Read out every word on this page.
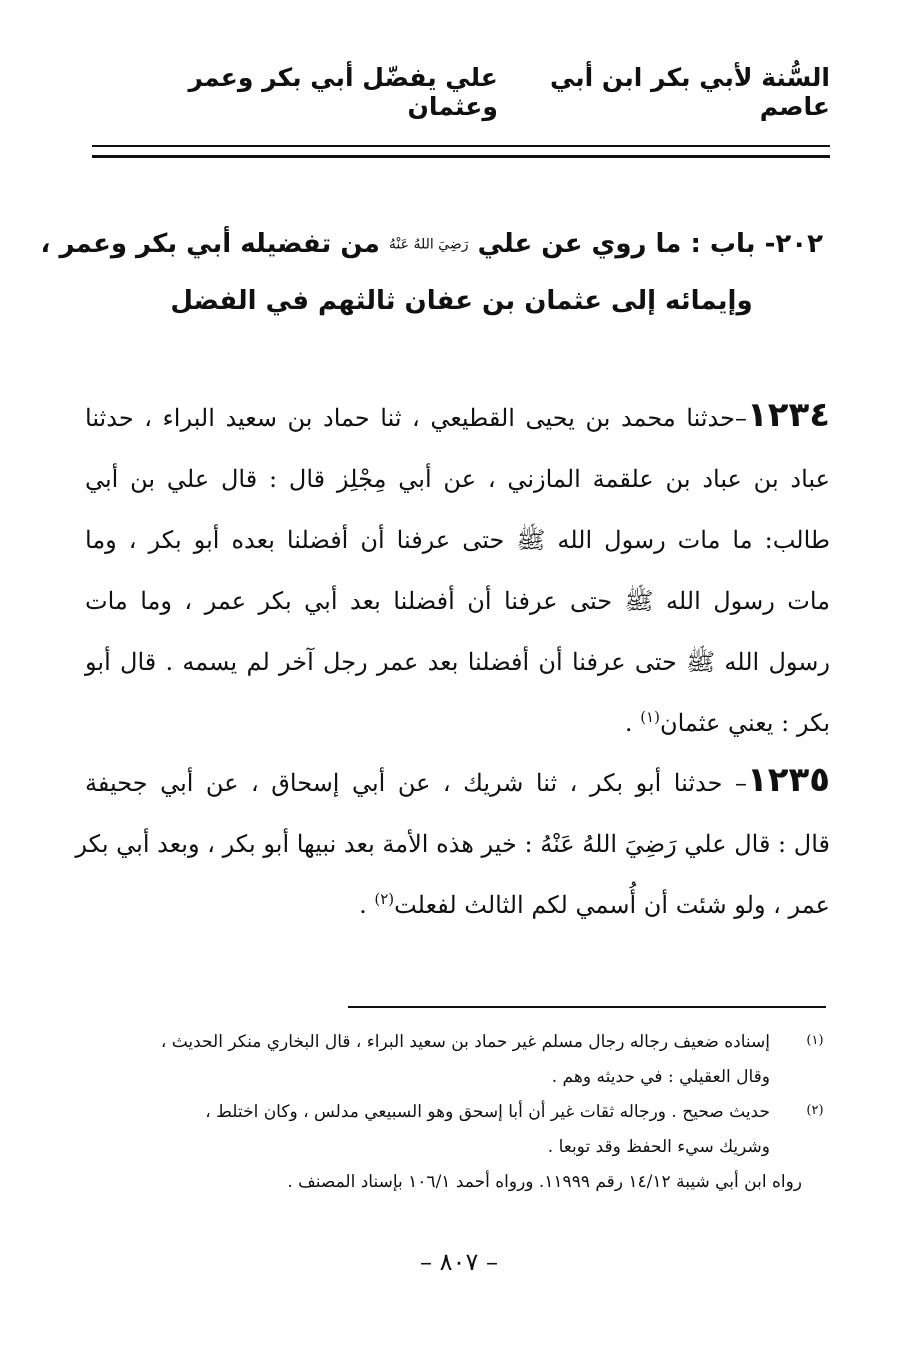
السُّنة لأبي بكر ابن أبي عاصم
علي يفضّل أبي بكر وعمر وعثمان
٢٠٢- باب : ما روي عن علي رَضِيَ اللهُ عَنْهُ من تفضيله أبي بكر وعمر ،
وإيمائه إلى عثمان بن عفان ثالثهم في الفضل
١٢٣٤–حدثنا محمد بن يحيى القطيعي ، ثنا حماد بن سعيد البراء ، حدثنا
عباد بن عباد بن علقمة المازني ، عن أبي مِجْلِز قال : قال علي بن أبي
طالب: ما مات رسول الله ﷺ حتى عرفنا أن أفضلنا بعده أبو بكر ، وما
مات رسول الله ﷺ حتى عرفنا أن أفضلنا بعد أبي بكر عمر ، وما مات
رسول الله ﷺ حتى عرفنا أن أفضلنا بعد عمر رجل آخر لم يسمه . قال أبو
بكر : يعني عثمان$^{(١)}$ .
١٢٣٥– حدثنا أبو بكر ، ثنا شريك ، عن أبي إسحاق ، عن أبي جحيفة
قال : قال علي رَضِيَ اللهُ عَنْهُ : خير هذه الأمة بعد نبيها أبو بكر ، وبعد أبي بكر
عمر ، ولو شئت أن أُسمي لكم الثالث لفعلت$^{(٢)}$ .
(١)
إسناده ضعيف رجاله رجال مسلم غير حماد بن سعيد البراء ، قال البخاري منكر الحديث ،
وقال العقيلي : في حديثه وهم .
(٢)
حديث صحيح . ورجاله ثقات غير أن أبا إسحق وهو السبيعي مدلس ، وكان اختلط ،
وشريك سيء الحفظ وقد توبعا .
رواه ابن أبي شيبة ١٤/١٢ رقم ١١٩٩٩. ورواه أحمد ١٠٦/١ بإسناد المصنف .
– ٨٠٧ –
